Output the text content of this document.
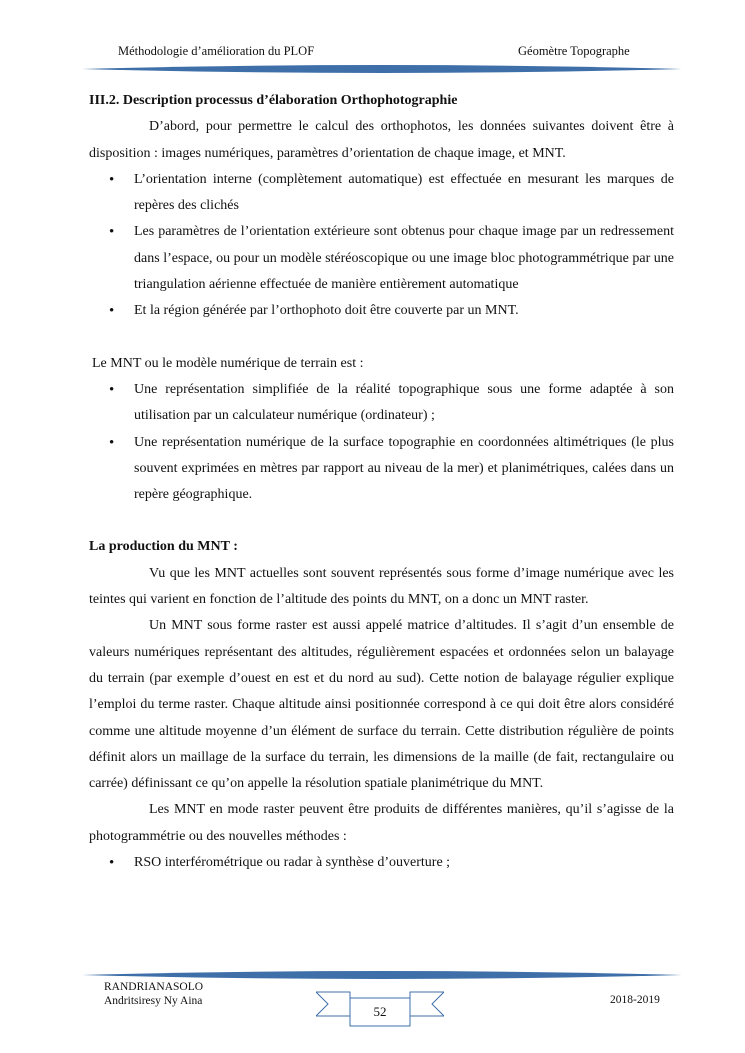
Méthodologie d’amélioration du PLOF	Géomètre Topographe

III.2. Description processus d’élaboration Orthophotographie

D’abord, pour permettre le calcul des orthophotos, les données suivantes doivent être à disposition : images numériques, paramètres d’orientation de chaque image, et MNT.

• L’orientation interne (complètement automatique) est effectuée en mesurant les marques de repères des clichés
• Les paramètres de l’orientation extérieure sont obtenus pour chaque image par un redressement dans l’espace, ou pour un modèle stéréoscopique ou une image bloc photogrammétrique par une triangulation aérienne effectuée de manière entièrement automatique
• Et la région générée par l’orthophoto doit être couverte par un MNT.

Le MNT ou le modèle numérique de terrain est :

• Une représentation simplifiée de la réalité topographique sous une forme adaptée à son utilisation par un calculateur numérique (ordinateur) ;
• Une représentation numérique de la surface topographie en coordonnées altimétriques (le plus souvent exprimées en mètres par rapport au niveau de la mer) et planimétriques, calées dans un repère géographique.

La production du MNT :

Vu que les MNT actuelles sont souvent représentés sous forme d’image numérique avec les teintes qui varient en fonction de l’altitude des points du MNT, on a donc un MNT raster.

Un MNT sous forme raster est aussi appelé matrice d’altitudes. Il s’agit d’un ensemble de valeurs numériques représentant des altitudes, régulièrement espacées et ordonnées selon un balayage du terrain (par exemple d’ouest en est et du nord au sud). Cette notion de balayage régulier explique l’emploi du terme raster. Chaque altitude ainsi positionnée correspond à ce qui doit être alors considéré comme une altitude moyenne d’un élément de surface du terrain. Cette distribution régulière de points définit alors un maillage de la surface du terrain, les dimensions de la maille (de fait, rectangulaire ou carrée) définissant ce qu’on appelle la résolution spatiale planimétrique du MNT.

Les MNT en mode raster peuvent être produits de différentes manières, qu’il s’agisse de la photogrammétrie ou des nouvelles méthodes :

• RSO interférométrique ou radar à synthèse d’ouverture ;
RANDRIANASOLO
Andritsiresy Ny Aina	2018-2019
52
